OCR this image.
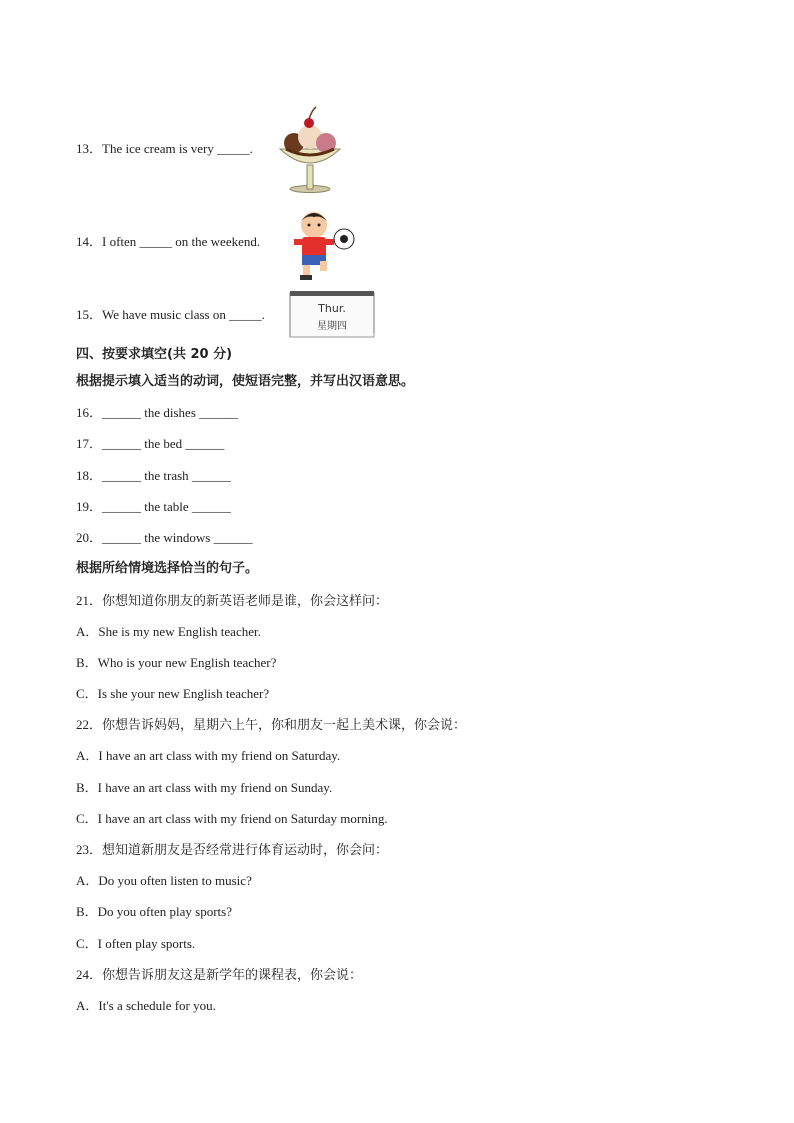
13．The ice cream is very _____.
14．I often _____ on the weekend.
15．We have music class on _____.	Thur.
星期四
四、按要求填空(共 20 分)
根据提示填入适当的动词，使短语完整，并写出汉语意思。
16．______ the dishes ______
17．______ the bed ______
18．______ the trash ______
19．______ the table ______
20．______ the windows ______
根据所给情境选择恰当的句子。
21．你想知道你朋友的新英语老师是谁，你会这样问：
A．She is my new English teacher.
B．Who is your new English teacher?
C．Is she your new English teacher?
22．你想告诉妈妈，星期六上午，你和朋友一起上美术课，你会说：
A．I have an art class with my friend on Saturday.
B．I have an art class with my friend on Sunday.
C．I have an art class with my friend on Saturday morning.
23．想知道新朋友是否经常进行体育运动时，你会问：
A．Do you often listen to music?
B．Do you often play sports?
C．I often play sports.
24．你想告诉朋友这是新学年的课程表，你会说：
A．It's a schedule for you.
